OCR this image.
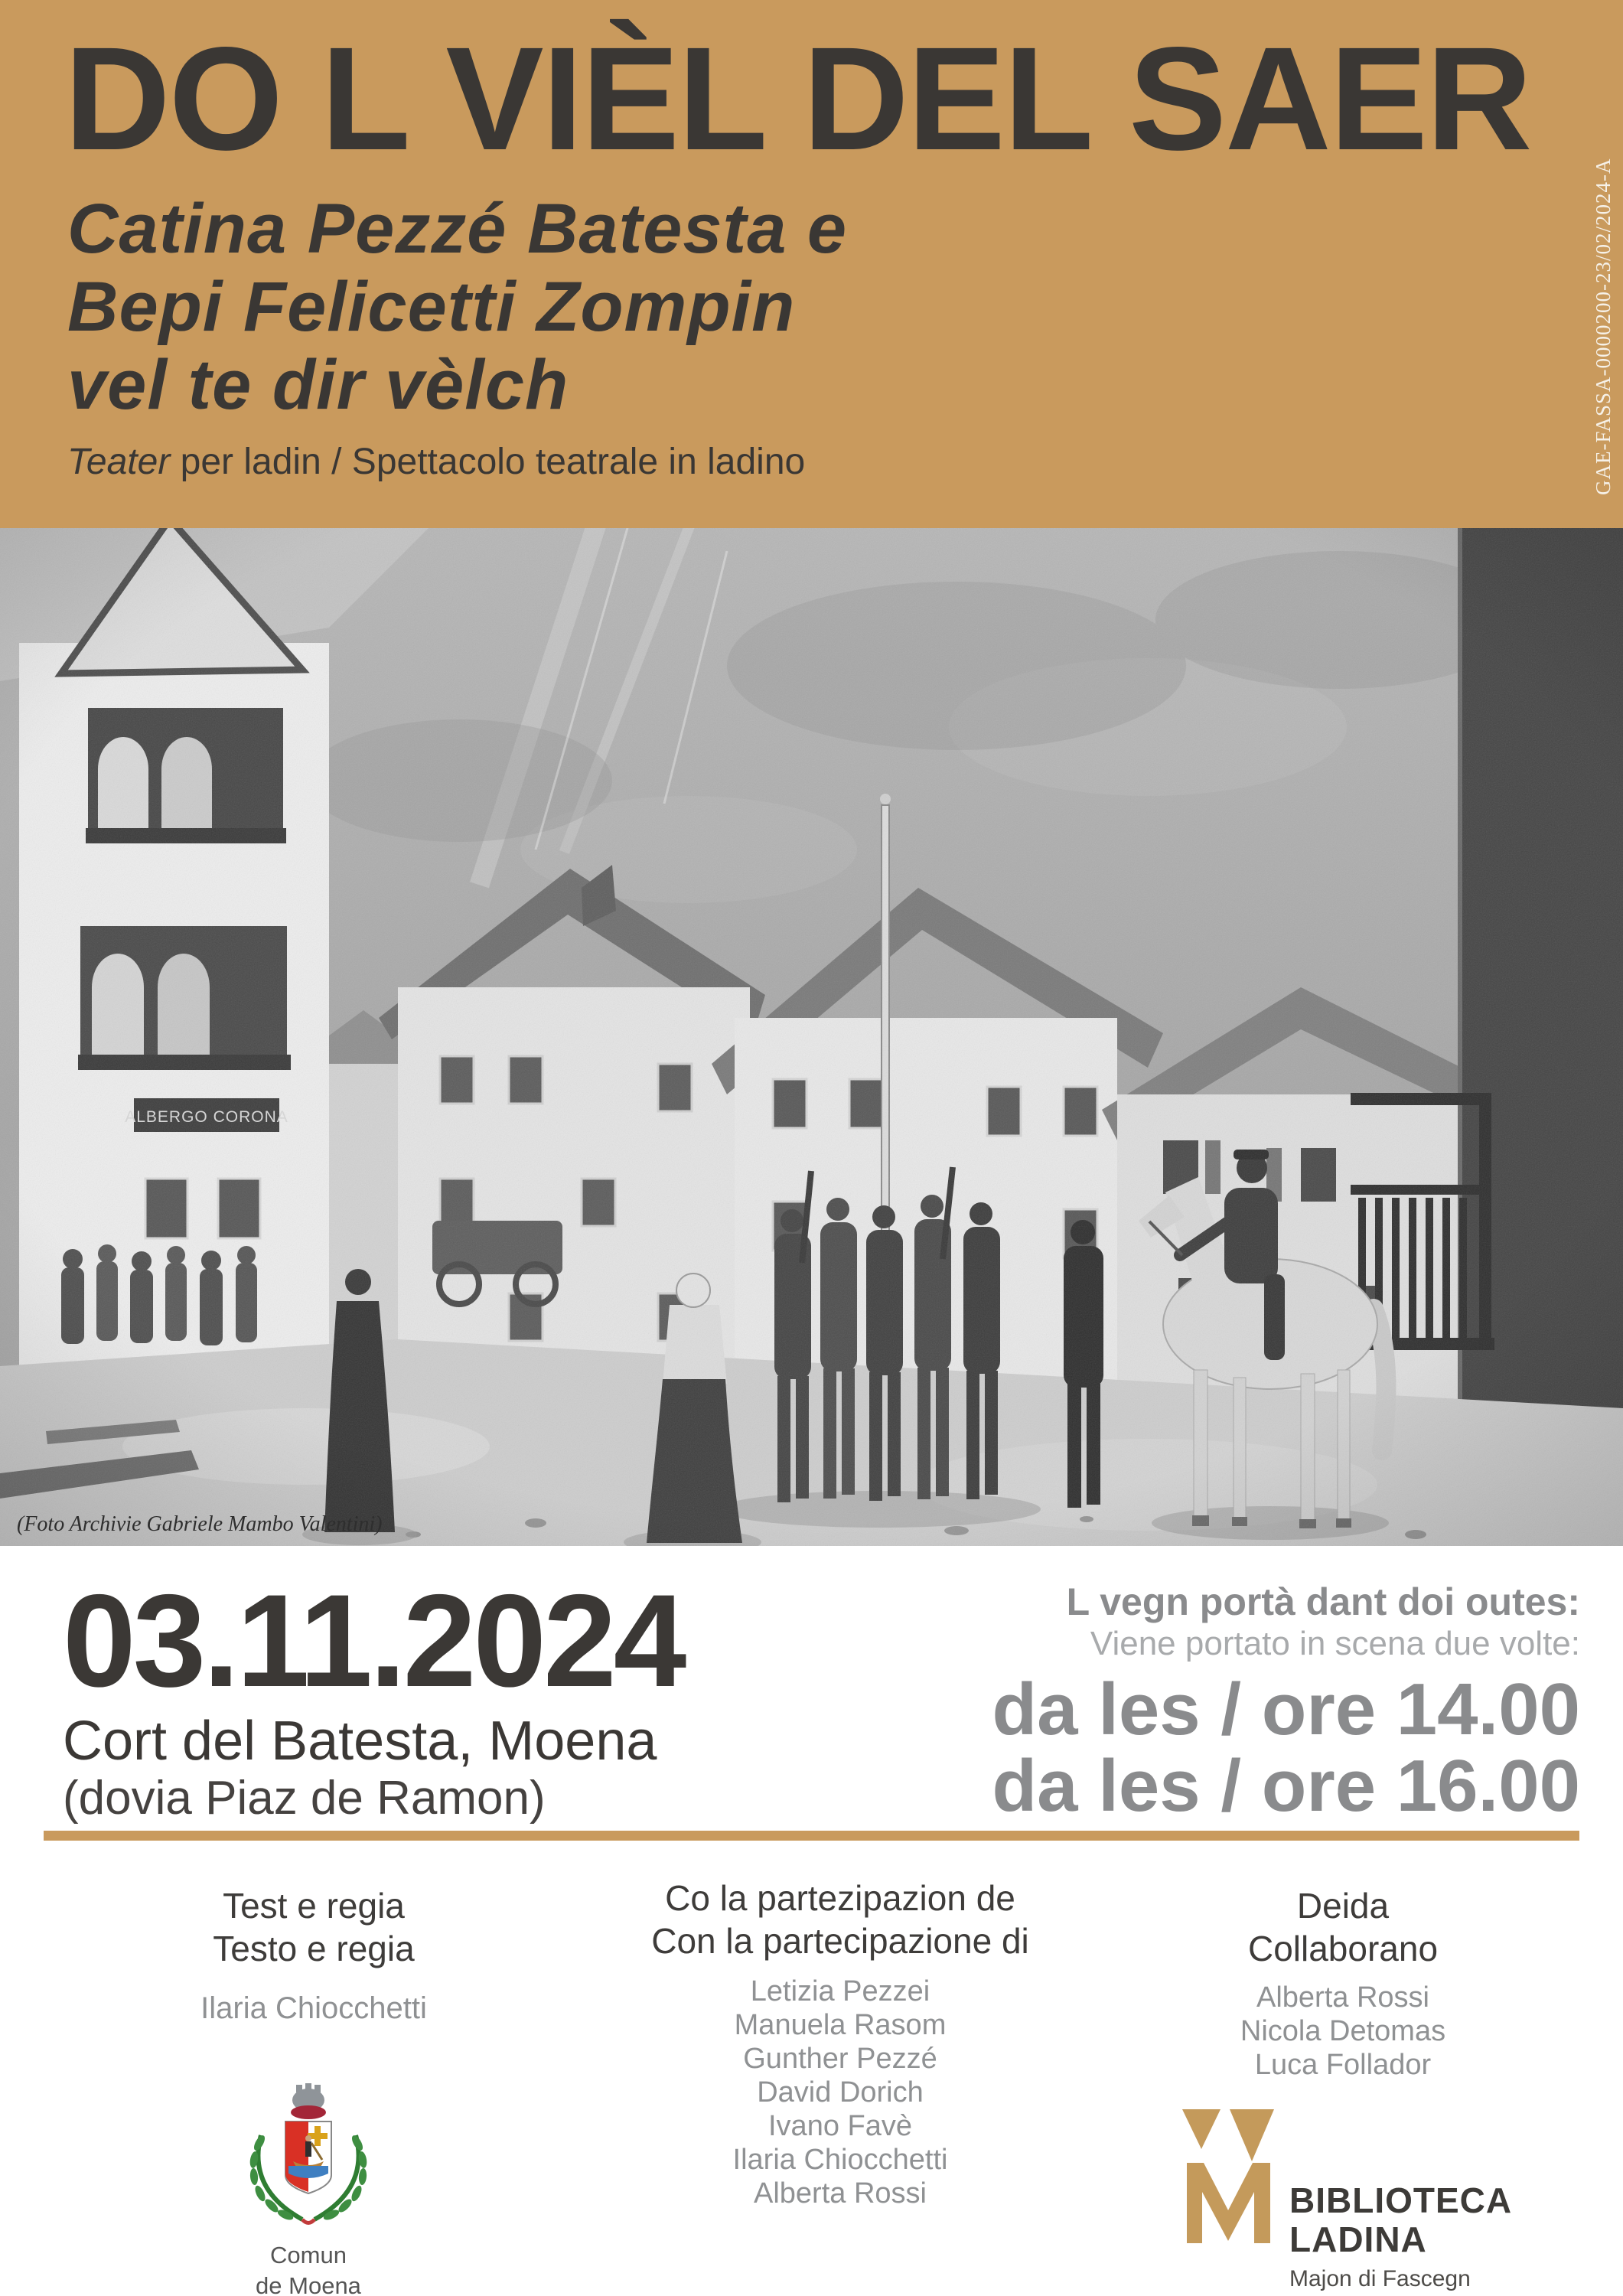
DO L VIÈL DEL SAER
Catina Pezzé Batesta e
Bepi Felicetti Zompin
vel te dir vèlch
Teater per ladin / Spettacolo teatrale in ladino	GAE-FASSA-0000200-23/02/2024-A
(Foto Archivie Gabriele Mambo Valentini)
03.11.2024
Cort del Batesta, Moena
(dovia Piaz de Ramon)
L vegn portà dant doi outes:
Viene portato in scena due volte:
da les / ore 14.00
da les / ore 16.00
Test e regia
Testo e regia
Ilaria Chiocchetti
Co la partezipazion de
Con la partecipazione di
Letizia Pezzei
Manuela Rasom
Gunther Pezzé
David Dorich
Ivano Favè
Ilaria Chiocchetti
Alberta Rossi
Deida
Collaborano
Alberta Rossi
Nicola Detomas
Luca Follador
Comun
de Moena
BIBLIOTECA
LADINA
Majon di Fascegn
